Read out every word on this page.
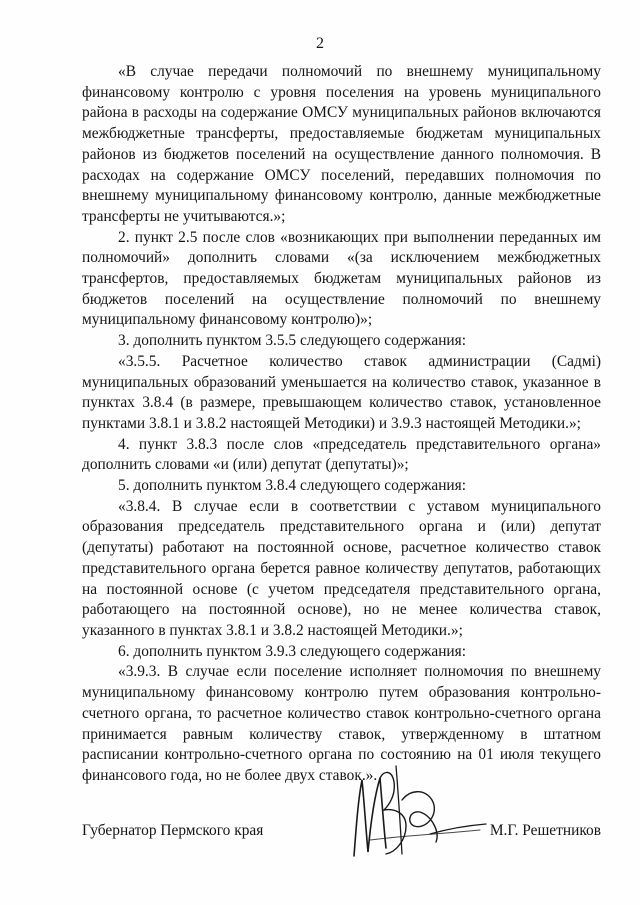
2

«В случае передачи полномочий по внешнему муниципальному финансовому контролю с уровня поселения на уровень муниципального района в расходы на содержание ОМСУ муниципальных районов включаются межбюджетные трансферты, предоставляемые бюджетам муниципальных районов из бюджетов поселений на осуществление данного полномочия. В расходах на содержание ОМСУ поселений, передавших полномочия по внешнему муниципальному финансовому контролю, данные межбюджетные трансферты не учитываются.»;

2. пункт 2.5 после слов «возникающих при выполнении переданных им полномочий» дополнить словами «(за исключением межбюджетных трансфертов, предоставляемых бюджетам муниципальных районов из бюджетов поселений на осуществление полномочий по внешнему муниципальному финансовому контролю)»;

3. дополнить пунктом 3.5.5 следующего содержания:

«3.5.5. Расчетное количество ставок администрации (Садмі) муниципальных образований уменьшается на количество ставок, указанное в пунктах 3.8.4 (в размере, превышающем количество ставок, установленное пунктами 3.8.1 и 3.8.2 настоящей Методики) и 3.9.3 настоящей Методики.»;

4. пункт 3.8.3 после слов «председатель представительного органа» дополнить словами «и (или) депутат (депутаты)»;

5. дополнить пунктом 3.8.4 следующего содержания:

«3.8.4. В случае если в соответствии с уставом муниципального образования председатель представительного органа и (или) депутат (депутаты) работают на постоянной основе, расчетное количество ставок представительного органа берется равное количеству депутатов, работающих на постоянной основе (с учетом председателя представительного органа, работающего на постоянной основе), но не менее количества ставок, указанного в пунктах 3.8.1 и 3.8.2 настоящей Методики.»;

6. дополнить пунктом 3.9.3 следующего содержания:

«3.9.3. В случае если поселение исполняет полномочия по внешнему муниципальному финансовому контролю путем образования контрольно-счетного органа, то расчетное количество ставок контрольно-счетного органа принимается равным количеству ставок, утвержденному в штатном расписании контрольно-счетного органа по состоянию на 01 июля текущего финансового года, но не более двух ставок.».

Губернатор Пермского края	М.Г. Решетников
